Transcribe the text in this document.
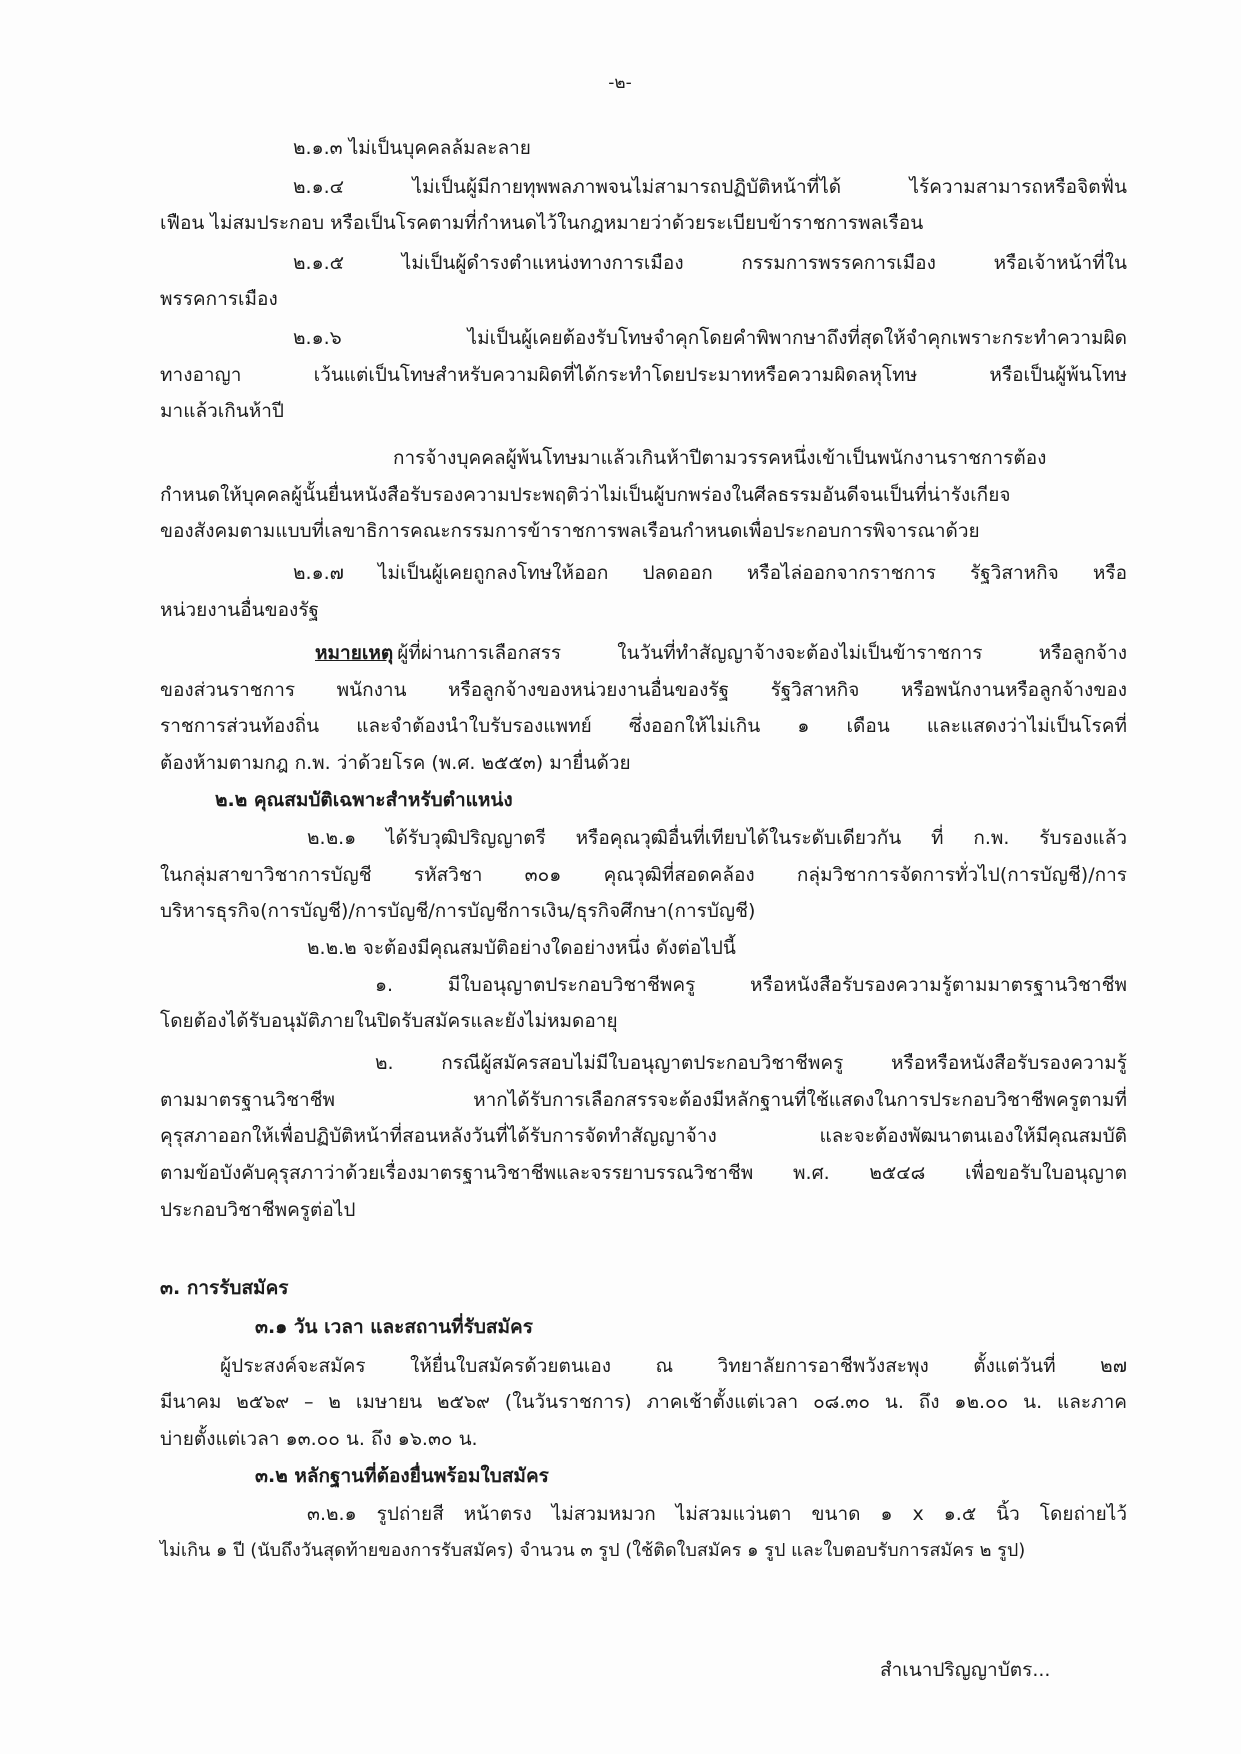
-๒-
๒.๑.๓ ไม่เป็นบุคคลล้มละลาย
๒.๑.๔ ไม่เป็นผู้มีกายทุพพลภาพจนไม่สามารถปฏิบัติหน้าที่ได้ ไร้ความสามารถหรือจิตฟั่น
เฟือน ไม่สมประกอบ หรือเป็นโรคตามที่กำหนดไว้ในกฎหมายว่าด้วยระเบียบข้าราชการพลเรือน
๒.๑.๕ ไม่เป็นผู้ดำรงตำแหน่งทางการเมือง กรรมการพรรคการเมือง หรือเจ้าหน้าที่ใน
พรรคการเมือง
๒.๑.๖ ไม่เป็นผู้เคยต้องรับโทษจำคุกโดยคำพิพากษาถึงที่สุดให้จำคุกเพราะกระทำความผิด
ทางอาญา เว้นแต่เป็นโทษสำหรับความผิดที่ได้กระทำโดยประมาทหรือความผิดลหุโทษ หรือเป็นผู้พ้นโทษ
มาแล้วเกินห้าปี
การจ้างบุคคลผู้พ้นโทษมาแล้วเกินห้าปีตามวรรคหนึ่งเข้าเป็นพนักงานราชการต้อง
กำหนดให้บุคคลผู้นั้นยื่นหนังสือรับรองความประพฤติว่าไม่เป็นผู้บกพร่องในศีลธรรมอันดีจนเป็นที่น่ารังเกียจ
ของสังคมตามแบบที่เลขาธิการคณะกรรมการข้าราชการพลเรือนกำหนดเพื่อประกอบการพิจารณาด้วย
๒.๑.๗ ไม่เป็นผู้เคยถูกลงโทษให้ออก ปลดออก หรือไล่ออกจากราชการ รัฐวิสาหกิจ หรือ
หน่วยงานอื่นของรัฐ
หมายเหตุ ผู้ที่ผ่านการเลือกสรร ในวันที่ทำสัญญาจ้างจะต้องไม่เป็นข้าราชการ หรือลูกจ้าง
ของส่วนราชการ พนักงาน หรือลูกจ้างของหน่วยงานอื่นของรัฐ รัฐวิสาหกิจ หรือพนักงานหรือลูกจ้างของ
ราชการส่วนท้องถิ่น และจำต้องนำใบรับรองแพทย์ ซึ่งออกให้ไม่เกิน ๑ เดือน และแสดงว่าไม่เป็นโรคที่
ต้องห้ามตามกฎ ก.พ. ว่าด้วยโรค (พ.ศ. ๒๕๕๓) มายื่นด้วย
๒.๒ คุณสมบัติเฉพาะสำหรับตำแหน่ง
๒.๒.๑ ได้รับวุฒิปริญญาตรี หรือคุณวุฒิอื่นที่เทียบได้ในระดับเดียวกัน ที่ ก.พ. รับรองแล้ว
ในกลุ่มสาขาวิชาการบัญชี รหัสวิชา ๓๐๑ คุณวุฒิที่สอดคล้อง กลุ่มวิชาการจัดการทั่วไป(การบัญชี)/การ
บริหารธุรกิจ(การบัญชี)/การบัญชี/การบัญชีการเงิน/ธุรกิจศึกษา(การบัญชี)
๒.๒.๒ จะต้องมีคุณสมบัติอย่างใดอย่างหนึ่ง ดังต่อไปนี้
๑. มีใบอนุญาตประกอบวิชาชีพครู หรือหนังสือรับรองความรู้ตามมาตรฐานวิชาชีพ
โดยต้องได้รับอนุมัติภายในปิดรับสมัครและยังไม่หมดอายุ
๒. กรณีผู้สมัครสอบไม่มีใบอนุญาตประกอบวิชาชีพครู หรือหรือหนังสือรับรองความรู้
ตามมาตรฐานวิชาชีพ หากได้รับการเลือกสรรจะต้องมีหลักฐานที่ใช้แสดงในการประกอบวิชาชีพครูตามที่
คุรุสภาออกให้เพื่อปฏิบัติหน้าที่สอนหลังวันที่ได้รับการจัดทำสัญญาจ้าง และจะต้องพัฒนาตนเองให้มีคุณสมบัติ
ตามข้อบังคับคุรุสภาว่าด้วยเรื่องมาตรฐานวิชาชีพและจรรยาบรรณวิชาชีพ พ.ศ. ๒๕๔๘ เพื่อขอรับใบอนุญาต
ประกอบวิชาชีพครูต่อไป
๓. การรับสมัคร
๓.๑ วัน เวลา และสถานที่รับสมัคร
ผู้ประสงค์จะสมัคร ให้ยื่นใบสมัครด้วยตนเอง ณ วิทยาลัยการอาชีพวังสะพุง ตั้งแต่วันที่ ๒๗
มีนาคม ๒๕๖๙ – ๒ เมษายน ๒๕๖๙ (ในวันราชการ) ภาคเช้าตั้งแต่เวลา ๐๘.๓๐ น. ถึง ๑๒.๐๐ น. และภาค
บ่ายตั้งแต่เวลา ๑๓.๐๐ น. ถึง ๑๖.๓๐ น.
๓.๒ หลักฐานที่ต้องยื่นพร้อมใบสมัคร
๓.๒.๑ รูปถ่ายสี หน้าตรง ไม่สวมหมวก ไม่สวมแว่นตา ขนาด ๑ x ๑.๕ นิ้ว โดยถ่ายไว้
ไม่เกิน ๑ ปี (นับถึงวันสุดท้ายของการรับสมัคร) จำนวน ๓ รูป (ใช้ติดใบสมัคร ๑ รูป และใบตอบรับการสมัคร ๒ รูป)
สำเนาปริญญาบัตร...
